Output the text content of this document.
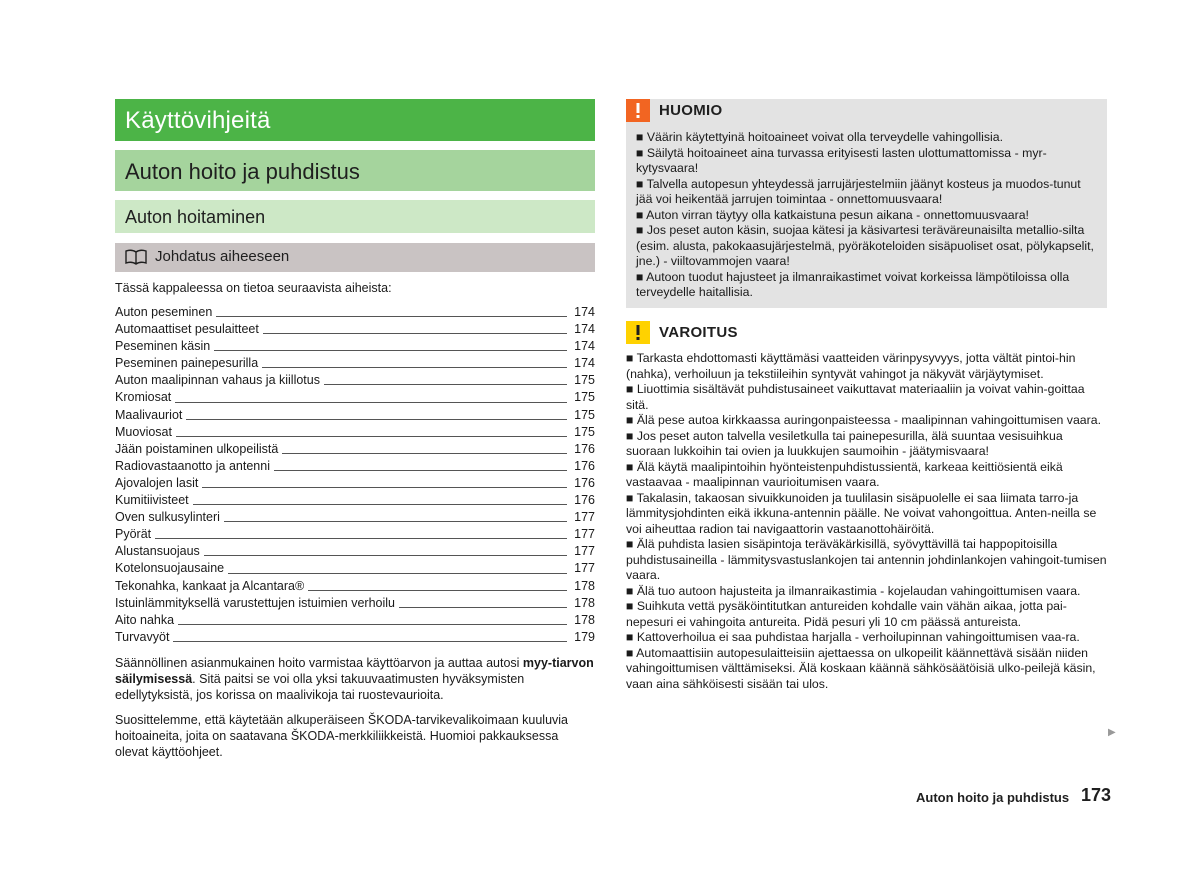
Käyttövihjeitä
Auton hoito ja puhdistus
Auton hoitaminen
Johdatus aiheeseen
Tässä kappaleessa on tietoa seuraavista aiheista:
Auton peseminen	174
Automaattiset pesulaitteet	174
Peseminen käsin	174
Peseminen painepesurilla	174
Auton maalipinnan vahaus ja kiillotus	175
Kromiosat	175
Maalivauriot	175
Muoviosat	175
Jään poistaminen ulkopeilistä	176
Radiovastaanotto ja antenni	176
Ajovalojen lasit	176
Kumitiivisteet	176
Oven sulkusylinteri	177
Pyörät	177
Alustansuojaus	177
Kotelonsuojausaine	177
Tekonahka, kankaat ja Alcantara®	178
Istuinlämmityksellä varustettujen istuimien verhoilu	178
Aito nahka	178
Turvavyöt	179

Säännöllinen asianmukainen hoito varmistaa käyttöarvon ja auttaa autosi myy-tiarvon säilymisessä. Sitä paitsi se voi olla yksi takuuvaatimusten hyväksymisten edellytyksistä, jos korissa on maalivikoja tai ruostevaurioita.

Suosittelemme, että käytetään alkuperäiseen ŠKODA-tarvikevalikoimaan kuuluvia hoitoaineita, joita on saatavana ŠKODA-merkkiliikkeistä. Huomioi pakkauksessa olevat käyttöohjeet.

HUOMIO
■ Väärin käytettyinä hoitoaineet voivat olla terveydelle vahingollisia.
■ Säilytä hoitoaineet aina turvassa erityisesti lasten ulottumattomissa - myr-kytysvaara!
■ Talvella autopesun yhteydessä jarrujärjestelmiin jäänyt kosteus ja muodos-tunut jää voi heikentää jarrujen toimintaa - onnettomuusvaara!
■ Auton virran täytyy olla katkaistuna pesun aikana - onnettomuusvaara!
■ Jos peset auton käsin, suojaa kätesi ja käsivartesi teräväreunaisilta metallio-silta (esim. alusta, pakokaasujärjestelmä, pyöräkoteloiden sisäpuoliset osat, pölykapselit, jne.) - viiltovammojen vaara!
■ Autoon tuodut hajusteet ja ilmanraikastimet voivat korkeissa lämpötiloissa olla terveydelle haitallisia.
VAROITUS
■ Tarkasta ehdottomasti käyttämäsi vaatteiden värinpysyvyys, jotta vältät pintoi-hin (nahka), verhoiluun ja tekstiileihin syntyvät vahingot ja näkyvät värjäytymiset.
■ Liuottimia sisältävät puhdistusaineet vaikuttavat materiaaliin ja voivat vahin-goittaa sitä.
■ Älä pese autoa kirkkaassa auringonpaisteessa - maalipinnan vahingoittumisen vaara.
■ Jos peset auton talvella vesiletkulla tai painepesurilla, älä suuntaa vesisuihkua suoraan lukkoihin tai ovien ja luukkujen saumoihin - jäätymisvaara!
■ Älä käytä maalipintoihin hyönteistenpuhdistussientä, karkeaa keittiösientä eikä vastaavaa - maalipinnan vaurioitumisen vaara.
■ Takalasin, takaosan sivuikkunoiden ja tuulilasin sisäpuolelle ei saa liimata tarro-ja lämmitysjohdinten eikä ikkuna-antennin päälle. Ne voivat vahongoittua. Anten-neilla se voi aiheuttaa radion tai navigaattorin vastaanottohäiröitä.
■ Älä puhdista lasien sisäpintoja teräväkärkisillä, syövyttävillä tai happopitoisilla puhdistusaineilla - lämmitysvastuslankojen tai antennin johdinlankojen vahingoit-tumisen vaara.
■ Älä tuo autoon hajusteita ja ilmanraikastimia - kojelaudan vahingoittumisen vaara.
■ Suihkuta vettä pysäköintitutkan antureiden kohdalle vain vähän aikaa, jotta pai-nepesuri ei vahingoita antureita. Pidä pesuri yli 10 cm päässä antureista.
■ Kattoverhoilua ei saa puhdistaa harjalla - verhoilupinnan vahingoittumisen vaa-ra.
■ Automaattisiin autopesulaitteisiin ajettaessa on ulkopeilit käännettävä sisään niiden vahingoittumisen välttämiseksi. Älä koskaan käännä sähkösäätöisiä ulko-peilejä käsin, vaan aina sähköisesti sisään tai ulos.
▶
Auton hoito ja puhdistus 173
